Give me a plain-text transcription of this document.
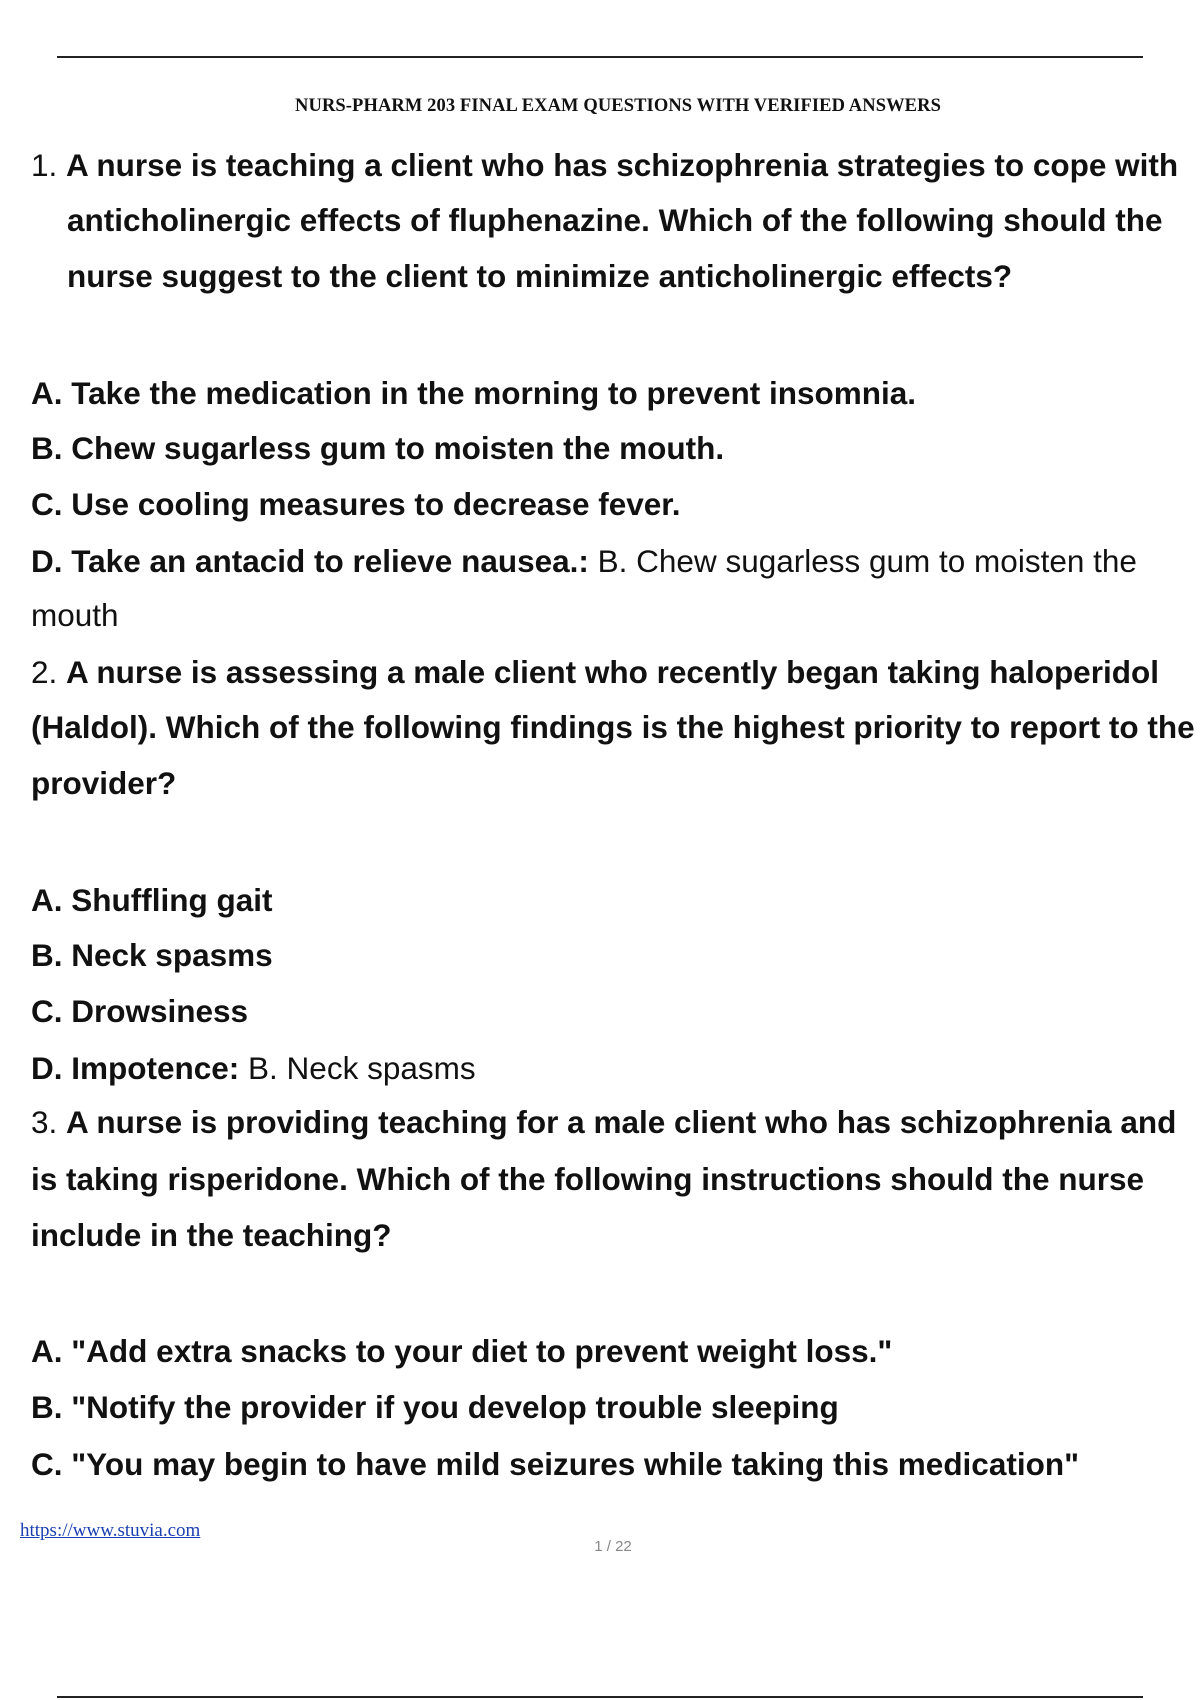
NURS-PHARM 203 FINAL EXAM QUESTIONS WITH VERIFIED ANSWERS
1. A nurse is teaching a client who has schizophrenia strategies to cope with
anticholinergic effects of fluphenazine. Which of the following should the
nurse suggest to the client to minimize anticholinergic effects?
A. Take the medication in the morning to prevent insomnia.
B. Chew sugarless gum to moisten the mouth.
C. Use cooling measures to decrease fever.
D. Take an antacid to relieve nausea.: B. Chew sugarless gum to moisten the
mouth
2. A nurse is assessing a male client who recently began taking haloperidol
(Haldol). Which of the following findings is the highest priority to report to the
provider?
A. Shuffling gait
B. Neck spasms
C. Drowsiness
D. Impotence: B. Neck spasms
3. A nurse is providing teaching for a male client who has schizophrenia and
is taking risperidone. Which of the following instructions should the nurse
include in the teaching?
A. "Add extra snacks to your diet to prevent weight loss."
B. "Notify the provider if you develop trouble sleeping
C. "You may begin to have mild seizures while taking this medication"
https://www.stuvia.com
1 / 22
